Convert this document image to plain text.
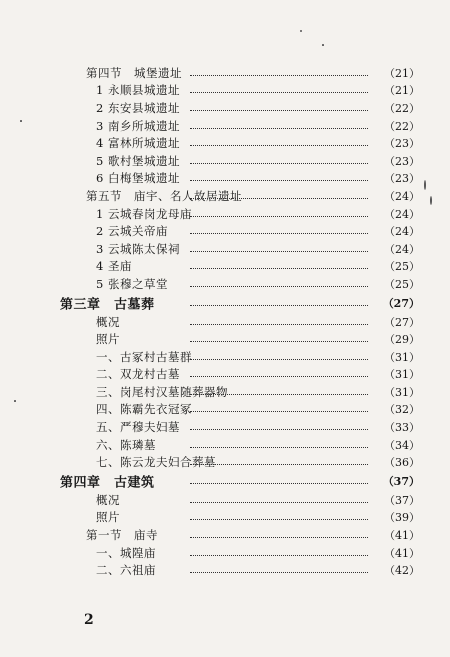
第四节　城堡遗址	（21）
1 永顺县城遗址	（21）
2 东安县城遗址	（22）
3 南乡所城遗址	（22）
4 富林所城遗址	（23）
5 歌村堡城遗址	（23）
6 白梅堡城遗址	（23）
第五节　庙宇、名人故居遗址	（24）
1 云城春岗龙母庙	（24）
2 云城关帝庙	（24）
3 云城陈太保祠	（24）
4 圣庙	（25）
5 张穆之草堂	（25）
第三章　古墓葬	（27）
概况	（27）
照片	（29）
一、古冢村古墓群	（31）
二、双龙村古墓	（31）
三、岗尾村汉墓随葬器物	（31）
四、陈霸先衣冠冢	（32）
五、严穆夫妇墓	（33）
六、陈璘墓	（34）
七、陈云龙夫妇合葬墓	（36）
第四章　古建筑	（37）
概况	（37）
照片	（39）
第一节　庙寺	（41）
一、城隍庙	（41）
二、六祖庙	（42）
2
